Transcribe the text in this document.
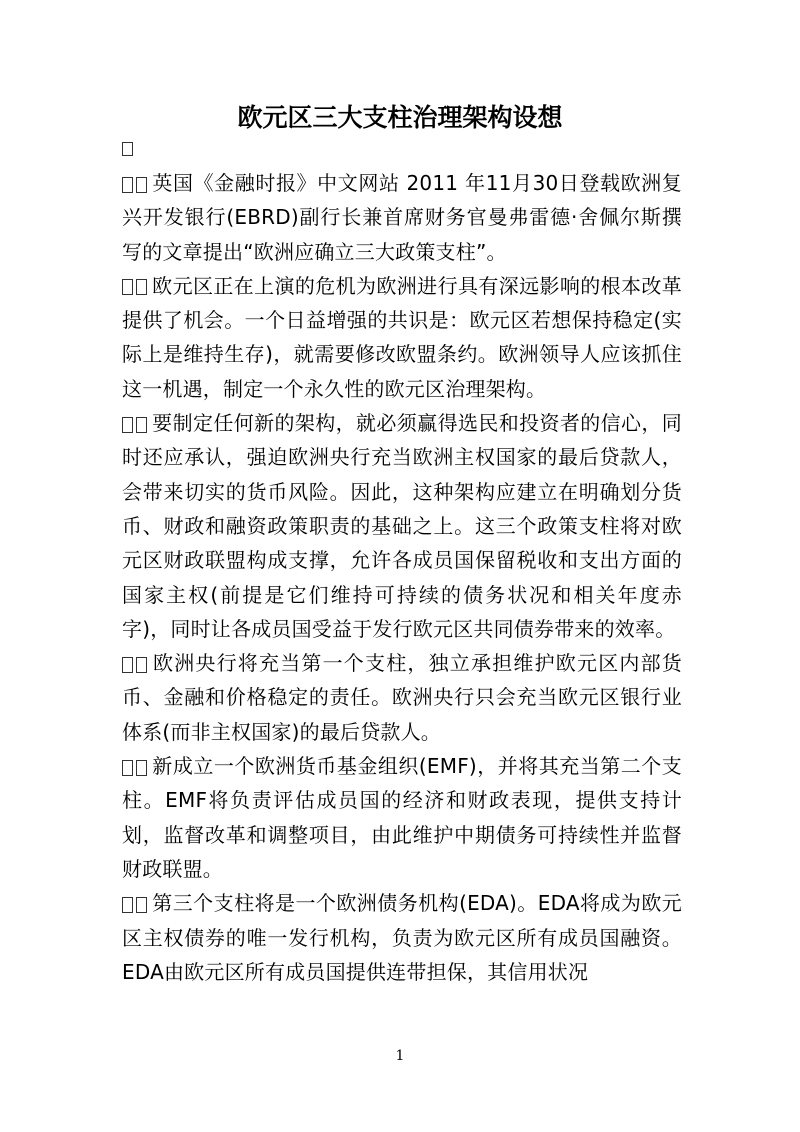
欧元区三大支柱治理架构设想

英国《金融时报》中文网站 2011 年11月30日登载欧洲复兴开发银行(EBRD)副行长兼首席财务官曼弗雷德·舍佩尔斯撰写的文章提出“欧洲应确立三大政策支柱”。

欧元区正在上演的危机为欧洲进行具有深远影响的根本改革提供了机会。一个日益增强的共识是：欧元区若想保持稳定(实际上是维持生存)，就需要修改欧盟条约。欧洲领导人应该抓住这一机遇，制定一个永久性的欧元区治理架构。

要制定任何新的架构，就必须赢得选民和投资者的信心，同时还应承认，强迫欧洲央行充当欧洲主权国家的最后贷款人，会带来切实的货币风险。因此，这种架构应建立在明确划分货币、财政和融资政策职责的基础之上。这三个政策支柱将对欧元区财政联盟构成支撑，允许各成员国保留税收和支出方面的国家主权(前提是它们维持可持续的债务状况和相关年度赤字)，同时让各成员国受益于发行欧元区共同债券带来的效率。

欧洲央行将充当第一个支柱，独立承担维护欧元区内部货币、金融和价格稳定的责任。欧洲央行只会充当欧元区银行业体系(而非主权国家)的最后贷款人。

新成立一个欧洲货币基金组织(EMF)，并将其充当第二个支柱。EMF将负责评估成员国的经济和财政表现，提供支持计划，监督改革和调整项目，由此维护中期债务可持续性并监督财政联盟。

第三个支柱将是一个欧洲债务机构(EDA)。EDA将成为欧元区主权债券的唯一发行机构，负责为欧元区所有成员国融资。EDA由欧元区所有成员国提供连带担保，其信用状况

1
